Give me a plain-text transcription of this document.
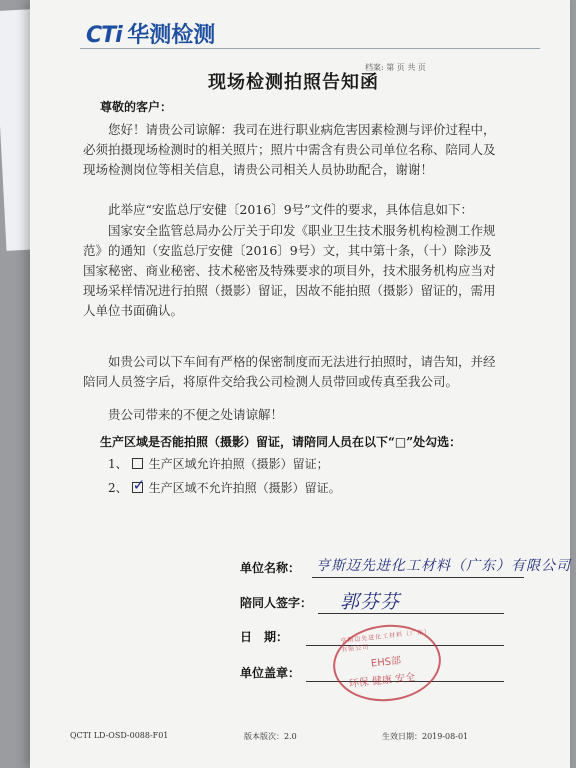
CTi 华测检测
档案: 第 页 共 页
现场检测拍照告知函
尊敬的客户：
您好！请贵公司谅解：我司在进行职业病危害因素检测与评价过程中，必须拍摄现场检测时的相关照片；照片中需含有贵公司单位名称、陪同人及现场检测岗位等相关信息，请贵公司相关人员协助配合，谢谢！
此举应“安监总厅安健〔2016〕9号”文件的要求，具体信息如下：
国家安全监管总局办公厅关于印发《职业卫生技术服务机构检测工作规范》的通知（安监总厅安健〔2016〕9号）文，其中第十条，（十）除涉及国家秘密、商业秘密、技术秘密及特殊要求的项目外，技术服务机构应当对现场采样情况进行拍照（摄影）留证，因故不能拍照（摄影）留证的，需用人单位书面确认。
如贵公司以下车间有严格的保密制度而无法进行拍照时，请告知，并经陪同人员签字后，将原件交给我公司检测人员带回或传真至我公司。
贵公司带来的不便之处请谅解！
生产区域是否能拍照（摄影）留证，请陪同人员在以下“□”处勾选：
1、 生产区域允许拍照（摄影）留证；
2、 ✓ 生产区域不允许拍照（摄影）留证。
单位名称： 亨斯迈先进化工材料（广东）有限公司
陪同人签字： 郭芬芬
日　期：
单位盖章：
亨斯迈先进化工材料（广东）有限公司
EHS部
环保 健康 安全
QCTI LD-OSD-0088-F01	版本版次：2.0	生效日期：2019-08-01
